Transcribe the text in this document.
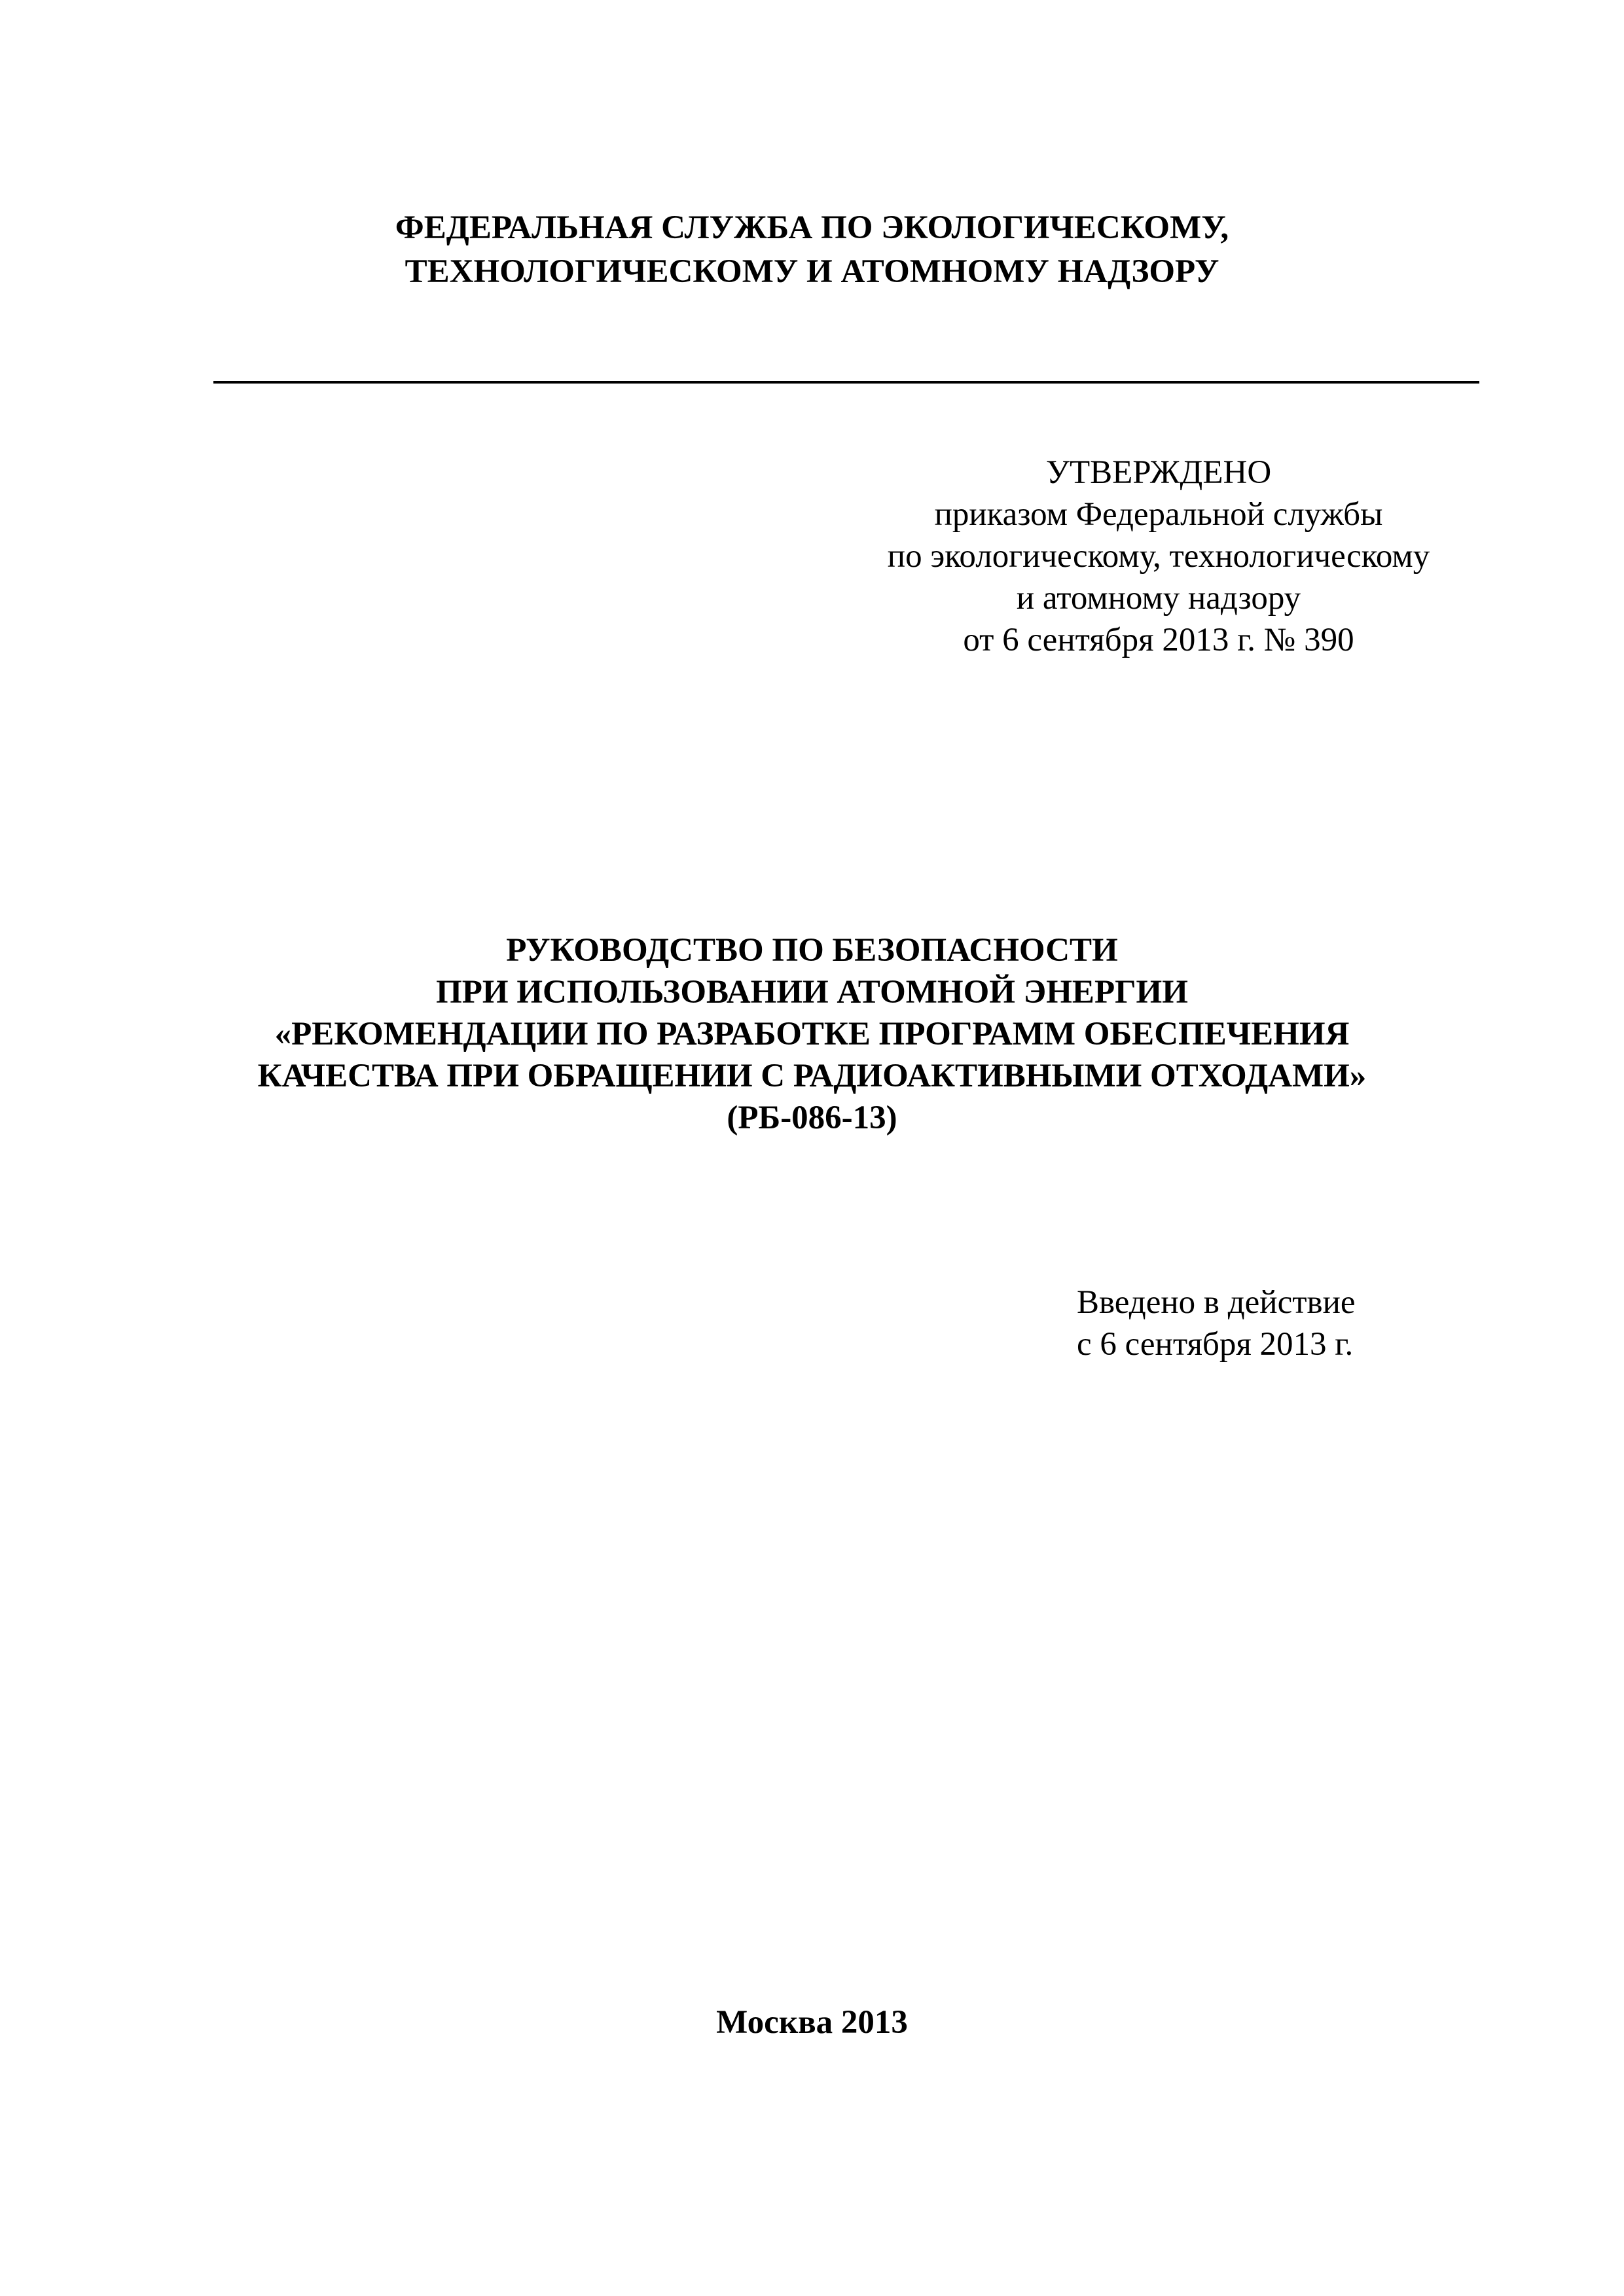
ФЕДЕРАЛЬНАЯ СЛУЖБА ПО ЭКОЛОГИЧЕСКОМУ,
ТЕХНОЛОГИЧЕСКОМУ И АТОМНОМУ НАДЗОРУ
УТВЕРЖДЕНО
приказом Федеральной службы
по экологическому, технологическому
и атомному надзору
от 6 сентября 2013 г. № 390
РУКОВОДСТВО ПО БЕЗОПАСНОСТИ
ПРИ ИСПОЛЬЗОВАНИИ АТОМНОЙ ЭНЕРГИИ
«РЕКОМЕНДАЦИИ ПО РАЗРАБОТКЕ ПРОГРАММ ОБЕСПЕЧЕНИЯ
КАЧЕСТВА ПРИ ОБРАЩЕНИИ С РАДИОАКТИВНЫМИ ОТХОДАМИ»
(РБ-086-13)
Введено в действие
с 6 сентября 2013 г.
Москва 2013
